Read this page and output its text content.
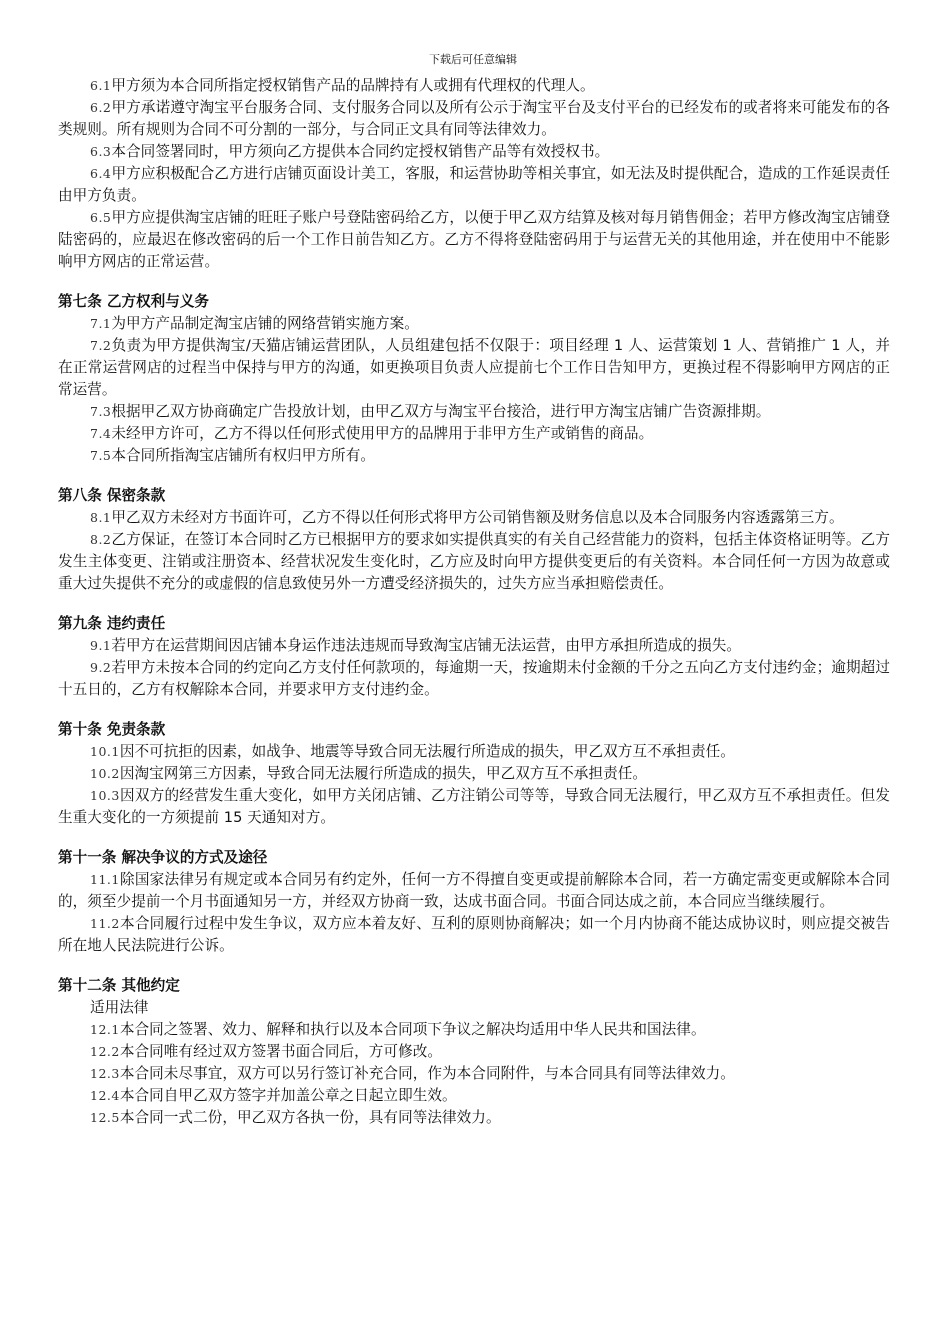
下载后可任意编辑

6.1甲方须为本合同所指定授权销售产品的品牌持有人或拥有代理权的代理人。

6.2甲方承诺遵守淘宝平台服务合同、支付服务合同以及所有公示于淘宝平台及支付平台的已经发布的或者将来可能发布的各类规则。所有规则为合同不可分割的一部分，与合同正文具有同等法律效力。

6.3本合同签署同时，甲方须向乙方提供本合同约定授权销售产品等有效授权书。

6.4甲方应积极配合乙方进行店铺页面设计美工，客服，和运营协助等相关事宜，如无法及时提供配合，造成的工作延误责任由甲方负责。

6.5甲方应提供淘宝店铺的旺旺子账户号登陆密码给乙方，以便于甲乙双方结算及核对每月销售佣金；若甲方修改淘宝店铺登陆密码的，应最迟在修改密码的后一个工作日前告知乙方。乙方不得将登陆密码用于与运营无关的其他用途，并在使用中不能影响甲方网店的正常运营。

第七条 乙方权利与义务

7.1为甲方产品制定淘宝店铺的网络营销实施方案。

7.2负责为甲方提供淘宝/天猫店铺运营团队，人员组建包括不仅限于：项目经理 1 人、运营策划 1 人、营销推广 1 人，并在正常运营网店的过程当中保持与甲方的沟通，如更换项目负责人应提前七个工作日告知甲方，更换过程不得影响甲方网店的正常运营。

7.3根据甲乙双方协商确定广告投放计划，由甲乙双方与淘宝平台接洽，进行甲方淘宝店铺广告资源排期。

7.4未经甲方许可，乙方不得以任何形式使用甲方的品牌用于非甲方生产或销售的商品。

7.5本合同所指淘宝店铺所有权归甲方所有。

第八条 保密条款

8.1甲乙双方未经对方书面许可，乙方不得以任何形式将甲方公司销售额及财务信息以及本合同服务内容透露第三方。

8.2乙方保证，在签订本合同时乙方已根据甲方的要求如实提供真实的有关自己经营能力的资料，包括主体资格证明等。乙方发生主体变更、注销或注册资本、经营状况发生变化时，乙方应及时向甲方提供变更后的有关资料。本合同任何一方因为故意或重大过失提供不充分的或虚假的信息致使另外一方遭受经济损失的，过失方应当承担赔偿责任。

第九条 违约责任

9.1若甲方在运营期间因店铺本身运作违法违规而导致淘宝店铺无法运营，由甲方承担所造成的损失。

9.2若甲方未按本合同的约定向乙方支付任何款项的，每逾期一天，按逾期未付金额的千分之五向乙方支付违约金；逾期超过十五日的，乙方有权解除本合同，并要求甲方支付违约金。

第十条 免责条款

10.1因不可抗拒的因素，如战争、地震等导致合同无法履行所造成的损失，甲乙双方互不承担责任。

10.2因淘宝网第三方因素，导致合同无法履行所造成的损失，甲乙双方互不承担责任。

10.3因双方的经营发生重大变化，如甲方关闭店铺、乙方注销公司等等，导致合同无法履行，甲乙双方互不承担责任。但发生重大变化的一方须提前 15 天通知对方。

第十一条 解决争议的方式及途径

11.1除国家法律另有规定或本合同另有约定外，任何一方不得擅自变更或提前解除本合同，若一方确定需变更或解除本合同的，须至少提前一个月书面通知另一方，并经双方协商一致，达成书面合同。书面合同达成之前，本合同应当继续履行。

11.2本合同履行过程中发生争议，双方应本着友好、互利的原则协商解决；如一个月内协商不能达成协议时，则应提交被告所在地人民法院进行公诉。

第十二条 其他约定

适用法律

12.1本合同之签署、效力、解释和执行以及本合同项下争议之解决均适用中华人民共和国法律。

12.2本合同唯有经过双方签署书面合同后，方可修改。

12.3本合同未尽事宜，双方可以另行签订补充合同，作为本合同附件，与本合同具有同等法律效力。

12.4本合同自甲乙双方签字并加盖公章之日起立即生效。

12.5本合同一式二份，甲乙双方各执一份，具有同等法律效力。
